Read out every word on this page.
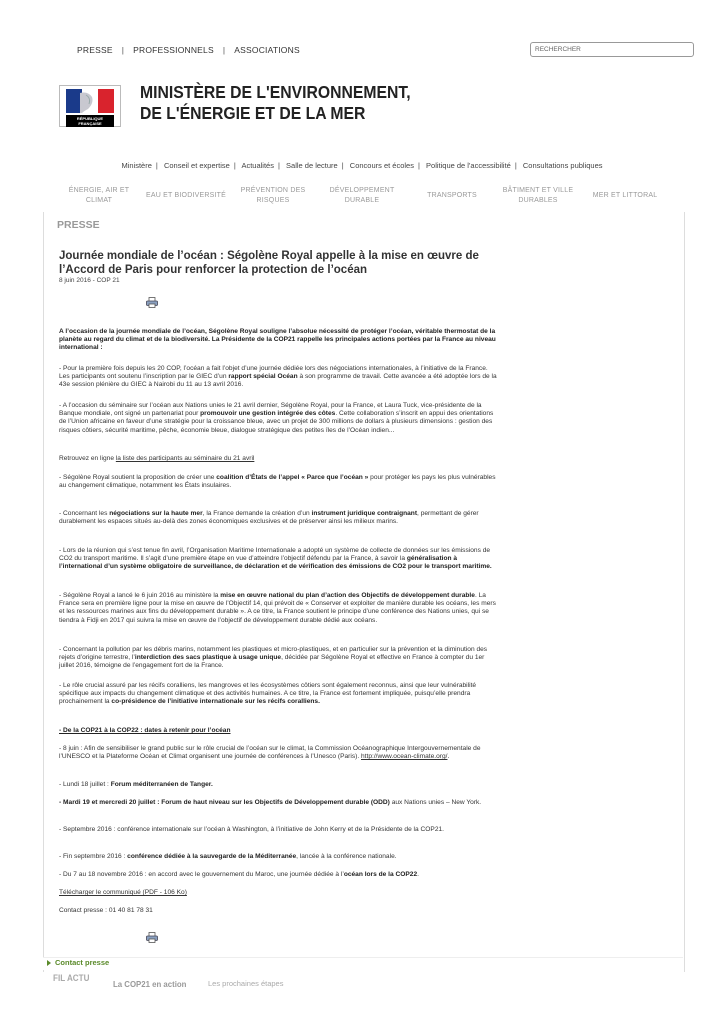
PRESSE | PROFESSIONNELS | ASSOCIATIONS	RECHERCHER
RÉPUBLIQUE FRANÇAISE
MINISTÈRE DE L'ENVIRONNEMENT,
DE L'ÉNERGIE ET DE LA MER
Ministère | Conseil et expertise | Actualités | Salle de lecture | Concours et écoles | Politique de l'accessibilité | Consultations publiques
ÉNERGIE, AIR ET
CLIMAT
EAU ET BIODIVERSITÉ
PRÉVENTION DES
RISQUES
DÉVELOPPEMENT
DURABLE
TRANSPORTS
BÂTIMENT ET VILLE
DURABLES
MER ET LITTORAL
PRESSE
Journée mondiale de l’océan : Ségolène Royal appelle à la mise en œuvre de l’Accord de Paris pour renforcer la protection de l’océan
8 juin 2016 - COP 21
A l’occasion de la journée mondiale de l’océan, Ségolène Royal souligne l’absolue nécessité de protéger l’océan, véritable thermostat de la planète au regard du climat et de la biodiversité. La Présidente de la COP21 rappelle les principales actions portées par la France au niveau international :
- Pour la première fois depuis les 20 COP, l’océan a fait l’objet d’une journée dédiée lors des négociations internationales, à l’initiative de la France. Les participants ont soutenu l’inscription par le GIEC d’un rapport spécial Océan à son programme de travail. Cette avancée a été adoptée lors de la 43e session plénière du GIEC à Nairobi du 11 au 13 avril 2016.
- A l’occasion du séminaire sur l’océan aux Nations unies le 21 avril dernier, Ségolène Royal, pour la France, et Laura Tuck, vice-présidente de la Banque mondiale, ont signé un partenariat pour promouvoir une gestion intégrée des côtes. Cette collaboration s’inscrit en appui des orientations de l’Union africaine en faveur d’une stratégie pour la croissance bleue, avec un projet de 300 millions de dollars à plusieurs dimensions : gestion des risques côtiers, sécurité maritime, pêche, économie bleue, dialogue stratégique des petites îles de l’Océan indien...
Retrouvez en ligne la liste des participants au séminaire du 21 avril
- Ségolène Royal soutient la proposition de créer une coalition d’États de l’appel « Parce que l’océan » pour protéger les pays les plus vulnérables au changement climatique, notamment les États insulaires.
- Concernant les négociations sur la haute mer, la France demande la création d’un instrument juridique contraignant, permettant de gérer durablement les espaces situés au-delà des zones économiques exclusives et de préserver ainsi les milieux marins.
- Lors de la réunion qui s’est tenue fin avril, l’Organisation Maritime Internationale a adopté un système de collecte de données sur les émissions de CO2 du transport maritime. Il s’agit d’une première étape en vue d’atteindre l’objectif défendu par la France, à savoir la généralisation à l’international d’un système obligatoire de surveillance, de déclaration et de vérification des émissions de CO2 pour le transport maritime.
- Ségolène Royal a lancé le 6 juin 2016 au ministère la mise en œuvre national du plan d’action des Objectifs de développement durable. La France sera en première ligne pour la mise en œuvre de l’Objectif 14, qui prévoit de « Conserver et exploiter de manière durable les océans, les mers et les ressources marines aux fins du développement durable ». A ce titre, la France soutient le principe d’une conférence des Nations unies, qui se tiendra à Fidji en 2017 qui suivra la mise en œuvre de l’objectif de développement durable dédié aux océans.
- Concernant la pollution par les débris marins, notamment les plastiques et micro-plastiques, et en particulier sur la prévention et la diminution des rejets d’origine terrestre, l’interdiction des sacs plastique à usage unique, décidée par Ségolène Royal et effective en France à compter du 1er juillet 2016, témoigne de l’engagement fort de la France.
- Le rôle crucial assuré par les récifs coralliens, les mangroves et les écosystèmes côtiers sont également reconnus, ainsi que leur vulnérabilité spécifique aux impacts du changement climatique et des activités humaines. A ce titre, la France est fortement impliquée, puisqu’elle prendra prochainement la co-présidence de l’initiative internationale sur les récifs coralliens.
- De la COP21 à la COP22 : dates à retenir pour l’océan
- 8 juin : Afin de sensibiliser le grand public sur le rôle crucial de l’océan sur le climat, la Commission Océanographique Intergouvernementale de l’UNESCO et la Plateforme Océan et Climat organisent une journée de conférences à l’Unesco (Paris). http://www.ocean-climate.org/.
- Lundi 18 juillet : Forum méditerranéen de Tanger.
- Mardi 19 et mercredi 20 juillet : Forum de haut niveau sur les Objectifs de Développement durable (ODD) aux Nations unies – New York.
- Septembre 2016 : conférence internationale sur l’océan à Washington, à l’initiative de John Kerry et de la Présidente de la COP21.
- Fin septembre 2016 : conférence dédiée à la sauvegarde de la Méditerranée, lancée à la conférence nationale.
- Du 7 au 18 novembre 2016 : en accord avec le gouvernement du Maroc, une journée dédiée à l’océan lors de la COP22.
Télécharger le communiqué (PDF - 106 Ko)
Contact presse : 01 40 81 78 31
Contact presse
FIL ACTU
La COP21 en action	Les prochaines étapes
